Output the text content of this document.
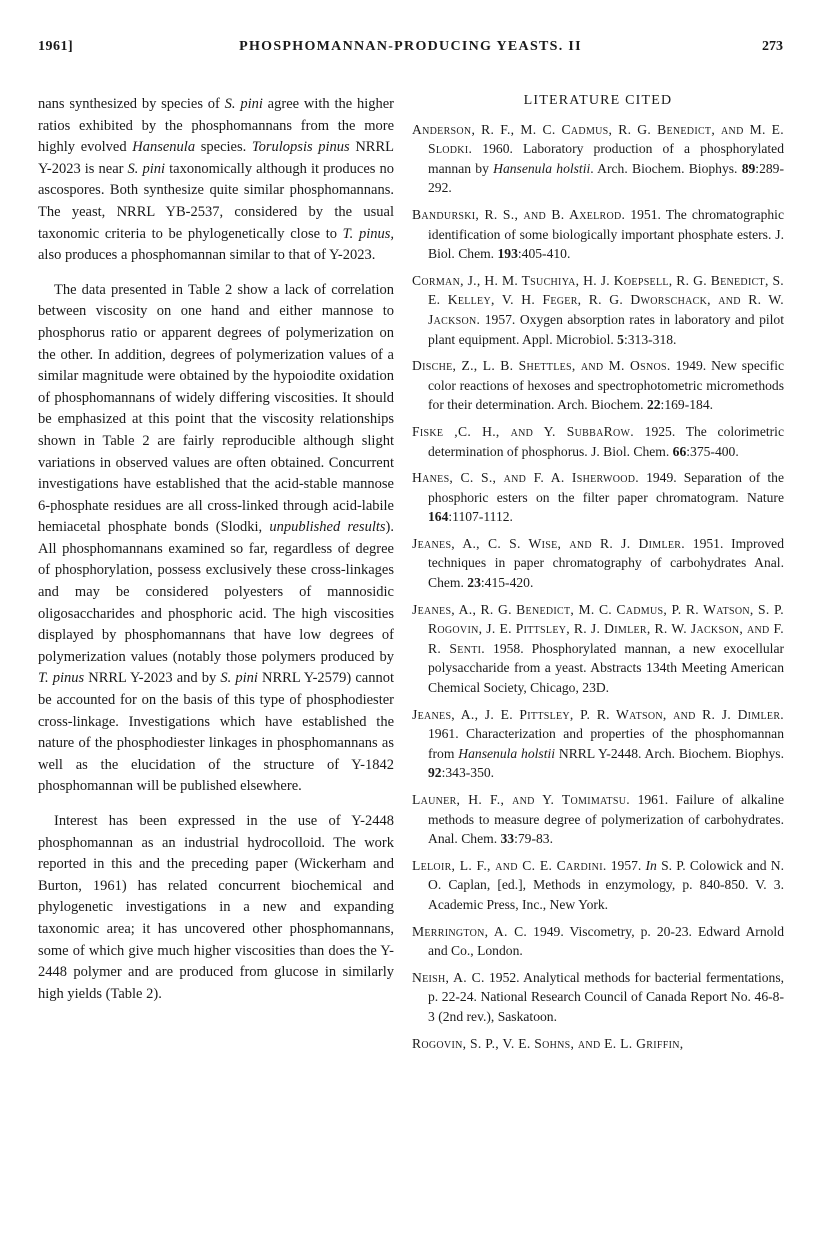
1961]	PHOSPHOMANNAN-PRODUCING YEASTS. II	273

nans synthesized by species of S. pini agree with the higher ratios exhibited by the phosphomannans from the more highly evolved Hansenula species. Torulopsis pinus NRRL Y-2023 is near S. pini taxonomically although it produces no ascospores. Both synthesize quite similar phosphomannans. The yeast, NRRL YB-2537, considered by the usual taxonomic criteria to be phylogenetically close to T. pinus, also produces a phosphomannan similar to that of Y-2023.

The data presented in Table 2 show a lack of correlation between viscosity on one hand and either mannose to phosphorus ratio or apparent degrees of polymerization on the other. In addition, degrees of polymerization values of a similar magnitude were obtained by the hypoiodite oxidation of phosphomannans of widely differing viscosities. It should be emphasized at this point that the viscosity relationships shown in Table 2 are fairly reproducible although slight variations in observed values are often obtained. Concurrent investigations have established that the acid-stable mannose 6-phosphate residues are all cross-linked through acid-labile hemiacetal phosphate bonds (Slodki, unpublished results). All phosphomannans examined so far, regardless of degree of phosphorylation, possess exclusively these cross-linkages and may be considered polyesters of mannosidic oligosaccharides and phosphoric acid. The high viscosities displayed by phosphomannans that have low degrees of polymerization values (notably those polymers produced by T. pinus NRRL Y-2023 and by S. pini NRRL Y-2579) cannot be accounted for on the basis of this type of phosphodiester cross-linkage. Investigations which have established the nature of the phosphodiester linkages in phosphomannans as well as the elucidation of the structure of Y-1842 phosphomannan will be published elsewhere.

Interest has been expressed in the use of Y-2448 phosphomannan as an industrial hydrocolloid. The work reported in this and the preceding paper (Wickerham and Burton, 1961) has related concurrent biochemical and phylogenetic investigations in a new and expanding taxonomic area; it has uncovered other phosphomannans, some of which give much higher viscosities than does the Y-2448 polymer and are produced from glucose in similarly high yields (Table 2).

LITERATURE CITED

Anderson, R. F., M. C. Cadmus, R. G. Benedict, and M. E. Slodki. 1960. Laboratory production of a phosphorylated mannan by Hansenula holstii. Arch. Biochem. Biophys. 89:289-292.

Bandurski, R. S., and B. Axelrod. 1951. The chromatographic identification of some biologically important phosphate esters. J. Biol. Chem. 193:405-410.

Corman, J., H. M. Tsuchiya, H. J. Koepsell, R. G. Benedict, S. E. Kelley, V. H. Feger, R. G. Dworschack, and R. W. Jackson. 1957. Oxygen absorption rates in laboratory and pilot plant equipment. Appl. Microbiol. 5:313-318.

Dische, Z., L. B. Shettles, and M. Osnos. 1949. New specific color reactions of hexoses and spectrophotometric micromethods for their determination. Arch. Biochem. 22:169-184.

Fiske ,C. H., and Y. SubbaRow. 1925. The colorimetric determination of phosphorus. J. Biol. Chem. 66:375-400.

Hanes, C. S., and F. A. Isherwood. 1949. Separation of the phosphoric esters on the filter paper chromatogram. Nature 164:1107-1112.

Jeanes, A., C. S. Wise, and R. J. Dimler. 1951. Improved techniques in paper chromatography of carbohydrates Anal. Chem. 23:415-420.

Jeanes, A., R. G. Benedict, M. C. Cadmus, P. R. Watson, S. P. Rogovin, J. E. Pittsley, R. J. Dimler, R. W. Jackson, and F. R. Senti. 1958. Phosphorylated mannan, a new exocellular polysaccharide from a yeast. Abstracts 134th Meeting American Chemical Society, Chicago, 23D.

Jeanes, A., J. E. Pittsley, P. R. Watson, and R. J. Dimler. 1961. Characterization and properties of the phosphomannan from Hansenula holstii NRRL Y-2448. Arch. Biochem. Biophys. 92:343-350.

Launer, H. F., and Y. Tomimatsu. 1961. Failure of alkaline methods to measure degree of polymerization of carbohydrates. Anal. Chem. 33:79-83.

Leloir, L. F., and C. E. Cardini. 1957. In S. P. Colowick and N. O. Caplan, [ed.], Methods in enzymology, p. 840-850. V. 3. Academic Press, Inc., New York.

Merrington, A. C. 1949. Viscometry, p. 20-23. Edward Arnold and Co., London.

Neish, A. C. 1952. Analytical methods for bacterial fermentations, p. 22-24. National Research Council of Canada Report No. 46-8-3 (2nd rev.), Saskatoon.

Rogovin, S. P., V. E. Sohns, and E. L. Griffin,
